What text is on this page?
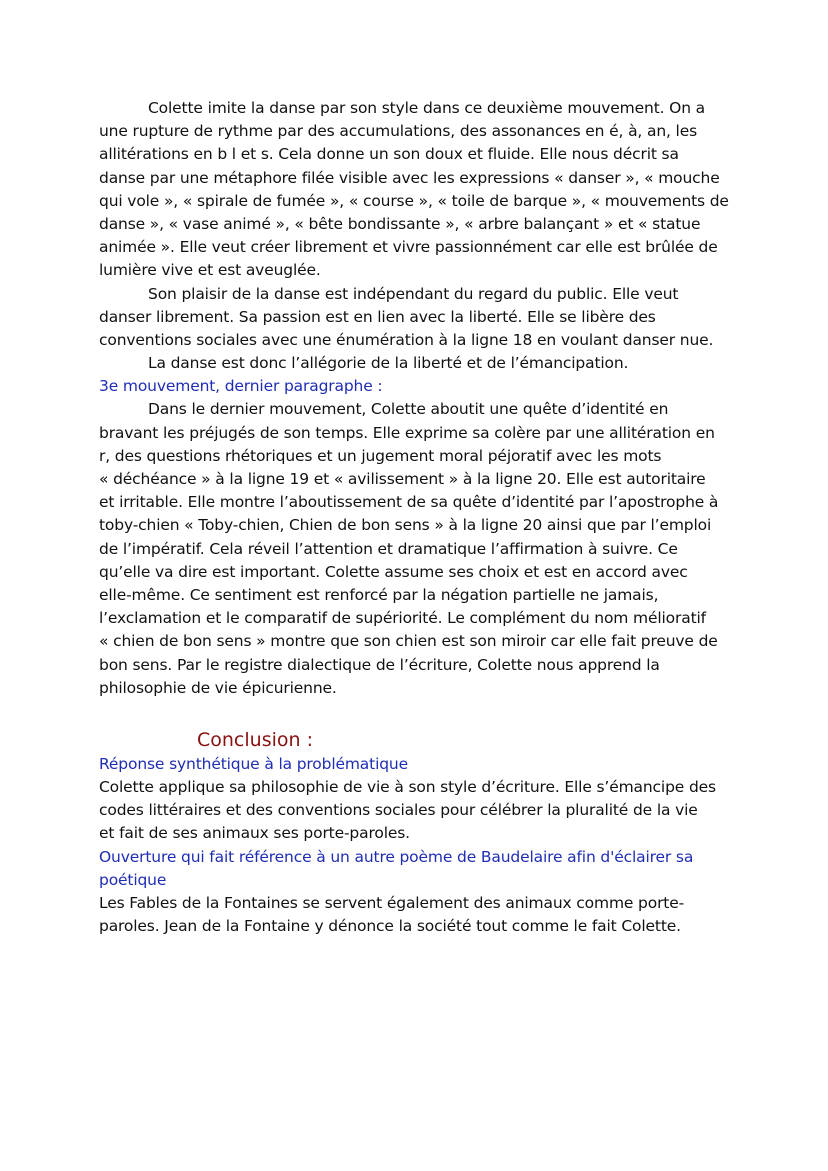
Colette imite la danse par son style dans ce deuxième mouvement. On a
une rupture de rythme par des accumulations, des assonances en é, à, an, les
allitérations en b l et s. Cela donne un son doux et fluide. Elle nous décrit sa
danse par une métaphore filée visible avec les expressions « danser », « mouche
qui vole », « spirale de fumée », « course », « toile de barque », « mouvements de
danse », « vase animé », « bête bondissante », « arbre balançant » et « statue
animée ». Elle veut créer librement et vivre passionnément car elle est brûlée de
lumière vive et est aveuglée.
Son plaisir de la danse est indépendant du regard du public. Elle veut
danser librement. Sa passion est en lien avec la liberté. Elle se libère des
conventions sociales avec une énumération à la ligne 18 en voulant danser nue.
La danse est donc l’allégorie de la liberté et de l’émancipation.
3e mouvement, dernier paragraphe :
Dans le dernier mouvement, Colette aboutit une quête d’identité en
bravant les préjugés de son temps. Elle exprime sa colère par une allitération en
r, des questions rhétoriques et un jugement moral péjoratif avec les mots
« déchéance » à la ligne 19 et « avilissement » à la ligne 20. Elle est autoritaire
et irritable. Elle montre l’aboutissement de sa quête d’identité par l’apostrophe à
toby-chien « Toby-chien, Chien de bon sens » à la ligne 20 ainsi que par l’emploi
de l’impératif. Cela réveil l’attention et dramatique l’affirmation à suivre. Ce
qu’elle va dire est important. Colette assume ses choix et est en accord avec
elle-même. Ce sentiment est renforcé par la négation partielle ne jamais,
l’exclamation et le comparatif de supériorité. Le complément du nom mélioratif
« chien de bon sens » montre que son chien est son miroir car elle fait preuve de
bon sens. Par le registre dialectique de l’écriture, Colette nous apprend la
philosophie de vie épicurienne.
Conclusion :
Réponse synthétique à la problématique
Colette applique sa philosophie de vie à son style d’écriture. Elle s’émancipe des
codes littéraires et des conventions sociales pour célébrer la pluralité de la vie
et fait de ses animaux ses porte-paroles.
Ouverture qui fait référence à un autre poème de Baudelaire afin d'éclairer sa
poétique
Les Fables de la Fontaines se servent également des animaux comme porte-
paroles. Jean de la Fontaine y dénonce la société tout comme le fait Colette.
